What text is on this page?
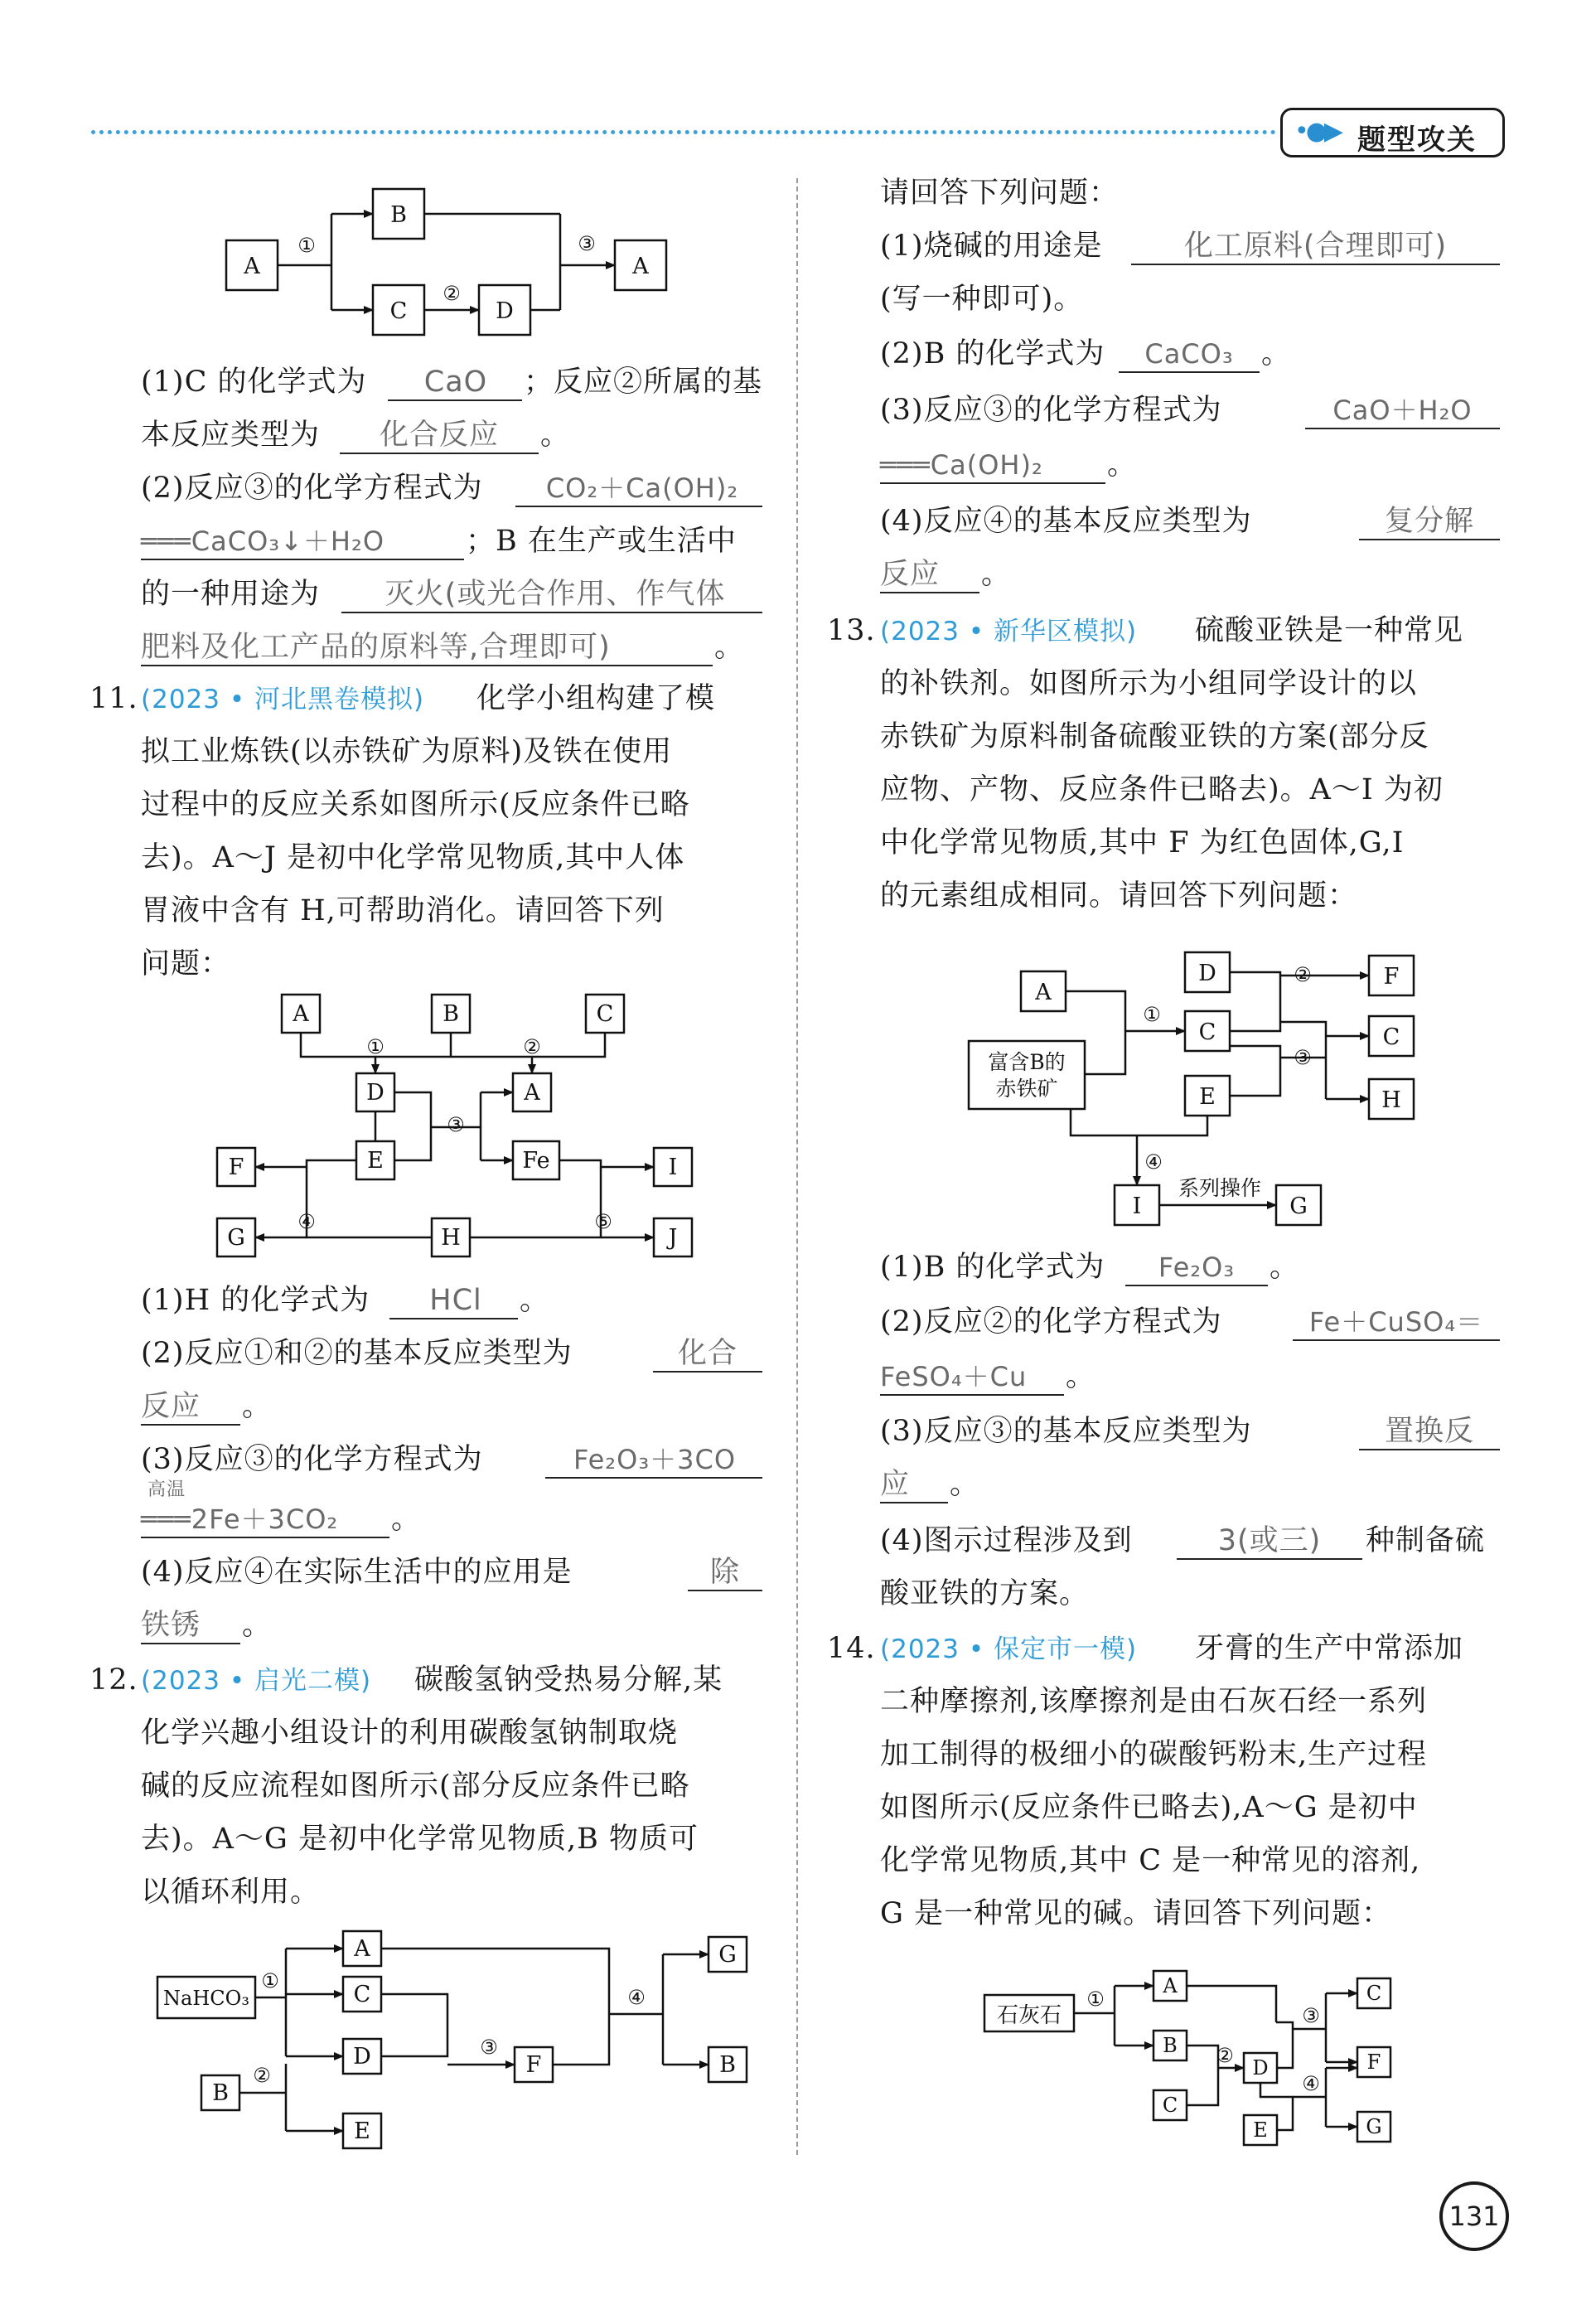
•●▶ 题型攻关
A
B
C	D
A
①
②
③
A	B	C
D	A
E	Fe
F
G	H
I
J
①	②
③
④	⑤
NaHCO₃
A
C
D
E
B
F
G
B
①
②
③
④
A
富含B的
赤铁矿
D
C
E
F
C
H
I	G
①
②
③
④
系列操作
石灰石
A
B
C
D
E
C
F
G
①
②
③
④
(1)C 的化学式为	CaO	；反应②所属的基
本反应类型为	化合反应	。
(2)反应③的化学方程式为	CO₂＋Ca(OH)₂
═══CaCO₃↓＋H₂O	；B 在生产或生活中
的一种用途为	灭火(或光合作用、作气体
肥料及化工产品的原料等,合理即可)	。
11. (2023 • 河北黑卷模拟) 化学小组构建了模
拟工业炼铁(以赤铁矿为原料)及铁在使用
过程中的反应关系如图所示(反应条件已略
去)。A～J 是初中化学常见物质,其中人体
胃液中含有 H,可帮助消化。请回答下列
问题：
(1)H 的化学式为	HCl	。
(2)反应①和②的基本反应类型为	化合
反应	。
(3)反应③的化学方程式为	Fe₂O₃＋3CO
高温
═══2Fe＋3CO₂	。
(4)反应④在实际生活中的应用是	除
铁锈	。
12. (2023 • 启光二模) 碳酸氢钠受热易分解,某
化学兴趣小组设计的利用碳酸氢钠制取烧
碱的反应流程如图所示(部分反应条件已略
去)。A～G 是初中化学常见物质,B 物质可
以循环利用。
请回答下列问题：
(1)烧碱的用途是	化工原料(合理即可)
(写一种即可)。
(2)B 的化学式为	CaCO₃ 。
(3)反应③的化学方程式为	CaO＋H₂O
═══Ca(OH)₂	。
(4)反应④的基本反应类型为	复分解
反应	。
13. (2023 • 新华区模拟) 硫酸亚铁是一种常见
的补铁剂。如图所示为小组同学设计的以
赤铁矿为原料制备硫酸亚铁的方案(部分反
应物、产物、反应条件已略去)。A～I 为初
中化学常见物质,其中 F 为红色固体,G,I
的元素组成相同。请回答下列问题：
(1)B 的化学式为	Fe₂O₃	。
(2)反应②的化学方程式为	Fe＋CuSO₄＝
FeSO₄＋Cu	。
(3)反应③的基本反应类型为	置换反
应	。
(4)图示过程涉及到	3(或三)	种制备硫
酸亚铁的方案。
14. (2023 • 保定市一模) 牙膏的生产中常添加
二种摩擦剂,该摩擦剂是由石灰石经一系列
加工制得的极细小的碳酸钙粉末,生产过程
如图所示(反应条件已略去),A～G 是初中
化学常见物质,其中 C 是一种常见的溶剂,
G 是一种常见的碱。请回答下列问题：
131
